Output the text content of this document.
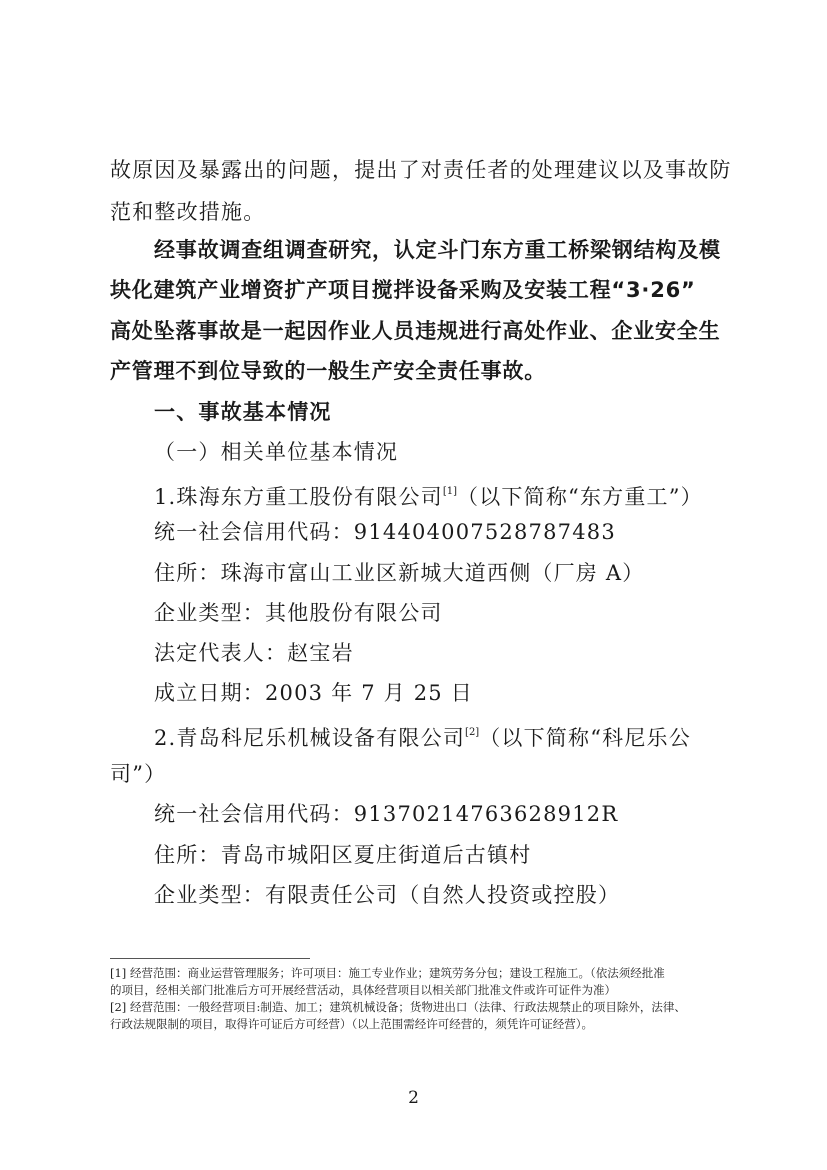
故原因及暴露出的问题，提出了对责任者的处理建议以及事故防
范和整改措施。
经事故调查组调查研究，认定斗门东方重工桥梁钢结构及模
块化建筑产业增资扩产项目搅拌设备采购及安装工程“3·26”
高处坠落事故是一起因作业人员违规进行高处作业、企业安全生
产管理不到位导致的一般生产安全责任事故。
一、事故基本情况
（一）相关单位基本情况
1.珠海东方重工股份有限公司[1]（以下简称“东方重工”）
统一社会信用代码：914404007528787483
住所：珠海市富山工业区新城大道西侧（厂房 A）
企业类型：其他股份有限公司
法定代表人：赵宝岩
成立日期：2003 年 7 月 25 日
2.青岛科尼乐机械设备有限公司[2]（以下简称“科尼乐公
司”）
统一社会信用代码：91370214763628912R
住所：青岛市城阳区夏庄街道后古镇村
企业类型：有限责任公司（自然人投资或控股）
[1] 经营范围：商业运营管理服务；许可项目：施工专业作业；建筑劳务分包；建设工程施工。（依法须经批准
的项目，经相关部门批准后方可开展经营活动，具体经营项目以相关部门批准文件或许可证件为准）
[2] 经营范围：一般经营项目:制造、加工；建筑机械设备；货物进出口（法律、行政法规禁止的项目除外，法律、
行政法规限制的项目，取得许可证后方可经营）（以上范围需经许可经营的，须凭许可证经营）。
2
